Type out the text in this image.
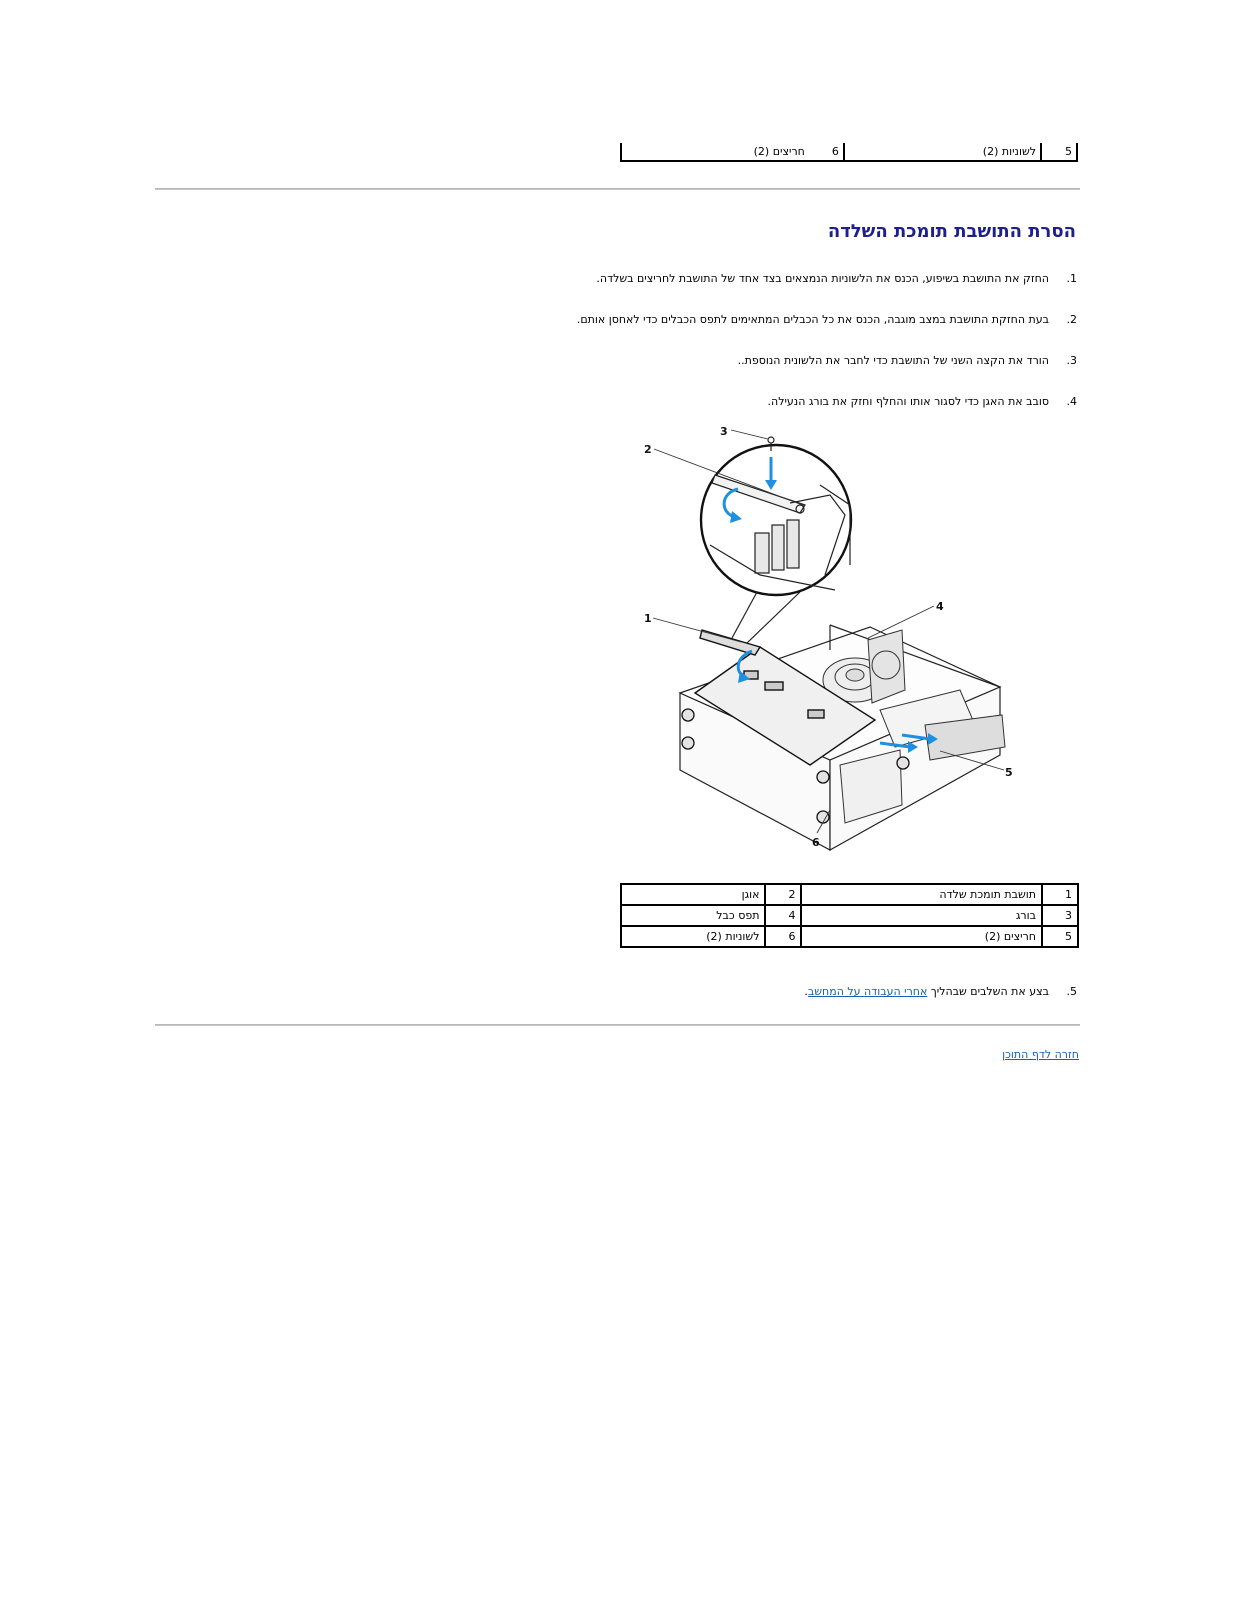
5	לשוניות (2)	6	חריצים (2)
הסרת התושבת תומכת השלדה
1.
החזק את התושבת בשיפוע, הכנס את הלשוניות הנמצאים בצד אחד של התושבת לחריצים בשלדה.
2.
בעת החזקת התושבת במצב מוגבה, הכנס את כל הכבלים המתאימים לתפס הכבלים כדי לאחסן אותם.
3.
הורד את הקצה השני של התושבת כדי לחבר את הלשונית הנוספת..
4.
סובב את האגן כדי לסגור אותו והחלף וחזק את בורג הנעילה.
3
2
1
4
5
6
1	תושבת תומכת שלדה	2	אוגן
3	בורג	4	תפס כבל
5	חריצים (2)	6	לשוניות (2)
5.
בצע את השלבים שבהליך אחרי העבודה על המחשב.
חזרה לדף התוכן
